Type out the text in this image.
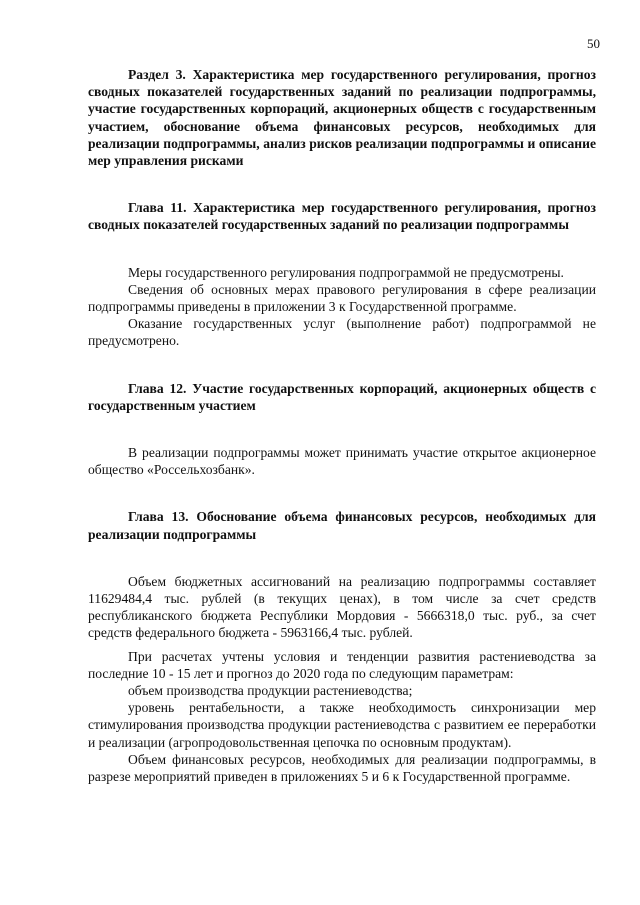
50

Раздел 3. Характеристика мер государственного регулирования, прогноз сводных показателей государственных заданий по реализации подпрограммы, участие государственных корпораций, акционерных обществ с государственным участием, обоснование объема финансовых ресурсов, необходимых для реализации подпрограммы, анализ рисков реализации подпрограммы и описание мер управления рисками

Глава 11. Характеристика мер государственного регулирования, прогноз сводных показателей государственных заданий по реализации подпрограммы

Меры государственного регулирования подпрограммой не предусмотрены.

Сведения об основных мерах правового регулирования в сфере реализации подпрограммы приведены в приложении 3 к Государственной программе.

Оказание государственных услуг (выполнение работ) подпрограммой не предусмотрено.

Глава 12. Участие государственных корпораций, акционерных обществ с государственным участием

В реализации подпрограммы может принимать участие открытое акционерное общество «Россельхозбанк».

Глава 13. Обоснование объема финансовых ресурсов, необходимых для реализации подпрограммы

Объем бюджетных ассигнований на реализацию подпрограммы составляет 11629484,4 тыс. рублей (в текущих ценах), в том числе за счет средств республиканского бюджета Республики Мордовия - 5666318,0 тыс. руб., за счет средств федерального бюджета - 5963166,4 тыс. рублей.

При расчетах учтены условия и тенденции развития растениеводства за последние 10 - 15 лет и прогноз до 2020 года по следующим параметрам:

объем производства продукции растениеводства;

уровень рентабельности, а также необходимость синхронизации мер стимулирования производства продукции растениеводства с развитием ее переработки и реализации (агропродовольственная цепочка по основным продуктам).

Объем финансовых ресурсов, необходимых для реализации подпрограммы, в разрезе мероприятий приведен в приложениях 5 и 6 к Государственной программе.
